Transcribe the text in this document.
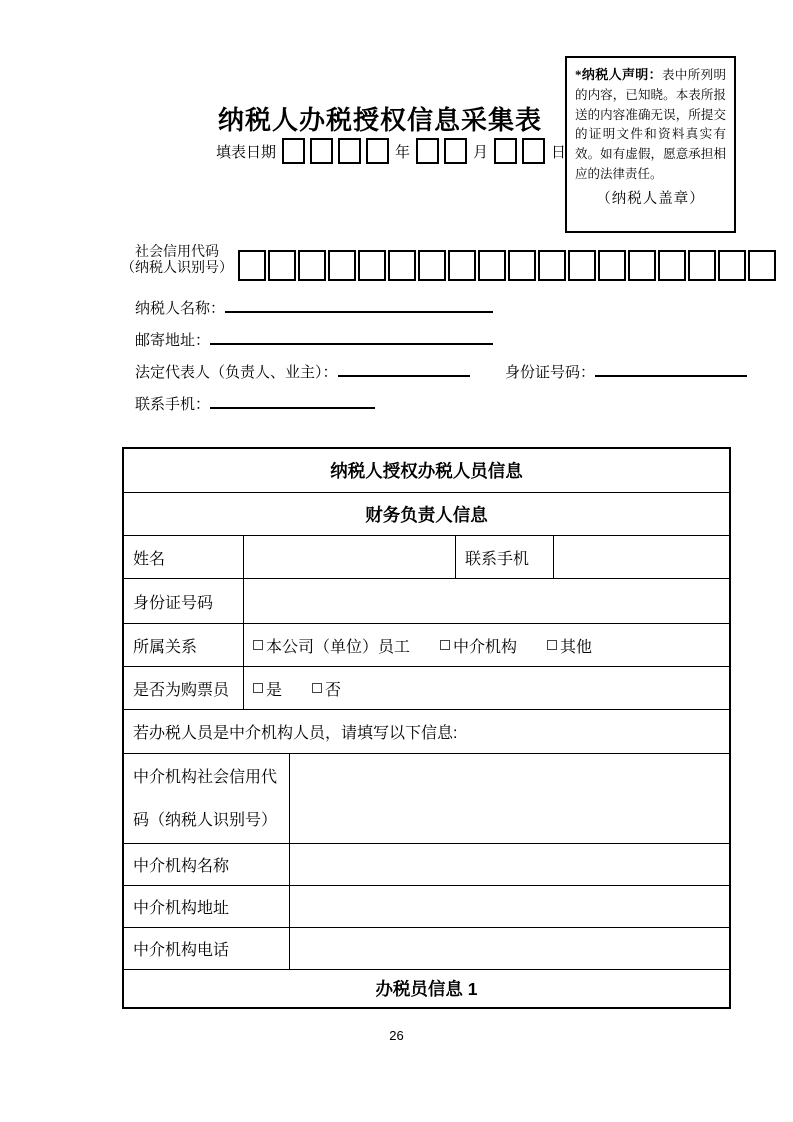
*纳税人声明：表中所列明的内容，已知晓。本表所报送的内容准确无误，所提交的证明文件和资料真实有效。如有虚假，愿意承担相应的法律责任。
（纳税人盖章）
纳税人办税授权信息采集表
填表日期	年	月	日
社会信用代码
（纳税人识别号）
纳税人名称：
邮寄地址：
法定代表人（负责人、业主）：	身份证号码：
联系手机：
纳税人授权办税人员信息
财务负责人信息
姓名	联系手机
身份证号码
所属关系	本公司（单位）员工	中介机构	其他
是否为购票员 是	否
若办税人员是中介机构人员，请填写以下信息:
中介机构社会信用代码（纳税人识别号）
中介机构名称
中介机构地址
中介机构电话
办税员信息 1
26
